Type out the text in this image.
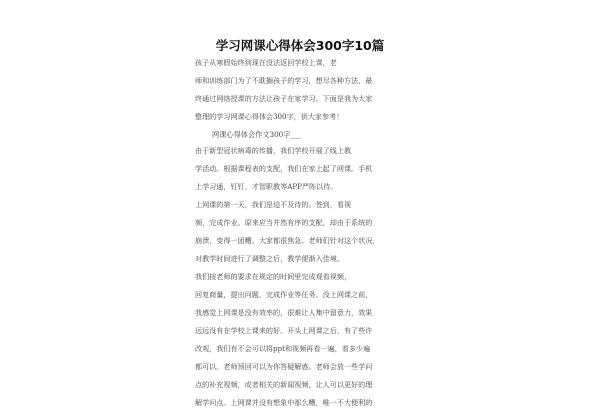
学习网课心得体会300字10篇
孩子从寒假始终到现在没法返回学校上课，老
师和训练部门为了不耽搁孩子的学习，想尽各种方法，最
终通过网络授课的方法让孩子在家学习。下面是我为大家
整理的学习网课心得体会300字，供大家参考！
网课心得体会作文300字___
由于新型冠状病毒的传播，我们学校开展了线上教
学活动。根据课程表的支配，我们在家上起了网课。手机
上学习通，钉钉，才智职教等APP严阵以待。
上网课的第一天，我们是迫不及待的。签到，看视
频，完成作业。原来应当井然有序的支配，却由于系统的
崩溃，变得一团糟。大家都很焦急。老师们针对这个状况，
对教学时间进行了调整之后，教学便渐入佳境。
我们按老师的要求在规定的时间里完成观看视频，
回复商量，提出问题，完成作业等任务。没上网课之前，
我感觉上网课是没有效率的，很难让人集中留意力，效果
远远没有在学校上课来的好。开头上网课之后，有了些许
改观，我们有不会可以将ppt和视频再看一遍，看多少遍
都可以。老师预回可以为你答疑解惑。老师会放一些学问
点的补充视频，或者相关的新闻视频，让人可以更好的理
解学问点。上网课并没有想象中那么糟，唯一不大便利的
